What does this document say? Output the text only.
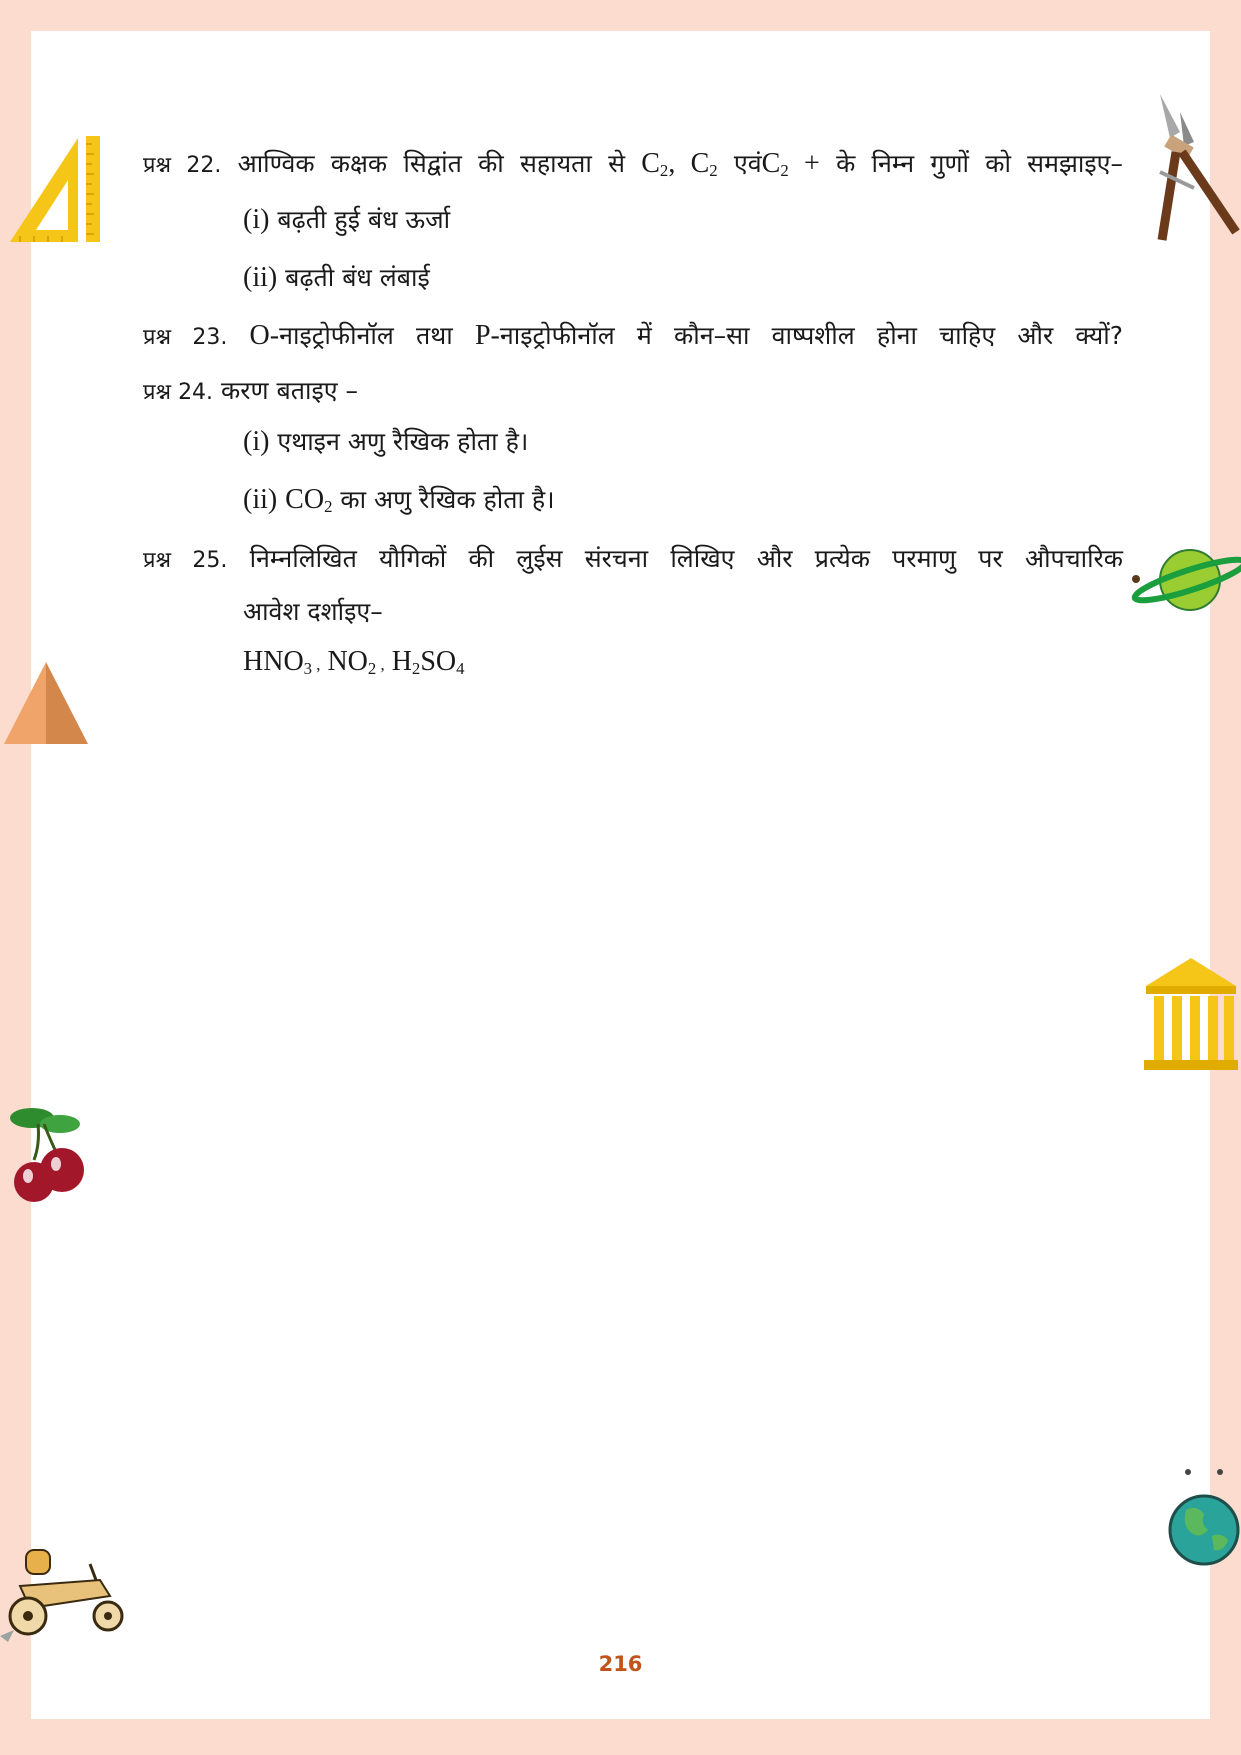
प्रश्न 22. आण्विक कक्षक सिद्वांत की सहायता से $C_2$, $C_2$ $एवंC_2$ + के निम्न गुणों को समझाइए–
(i) बढ़ती हुई बंध ऊर्जा
(ii) बढ़ती बंध लंबाई
प्रश्न 23. O-नाइट्रोफीनॉल तथा P-नाइट्रोफीनॉल में कौन–सा वाष्पशील होना चाहिए और क्यों?
प्रश्न 24. करण बताइए –
(i) एथाइन अणु रैखिक होता है।
(ii) $CO_2$ का अणु रैखिक होता है।
प्रश्न 25. निम्नलिखित यौगिकों की लुईस संरचना लिखिए और प्रत्येक परमाणु पर औपचारिक
आवेश दर्शाइए–
$HNO_3$ , $NO_2$ , $H_2SO_4$
216
